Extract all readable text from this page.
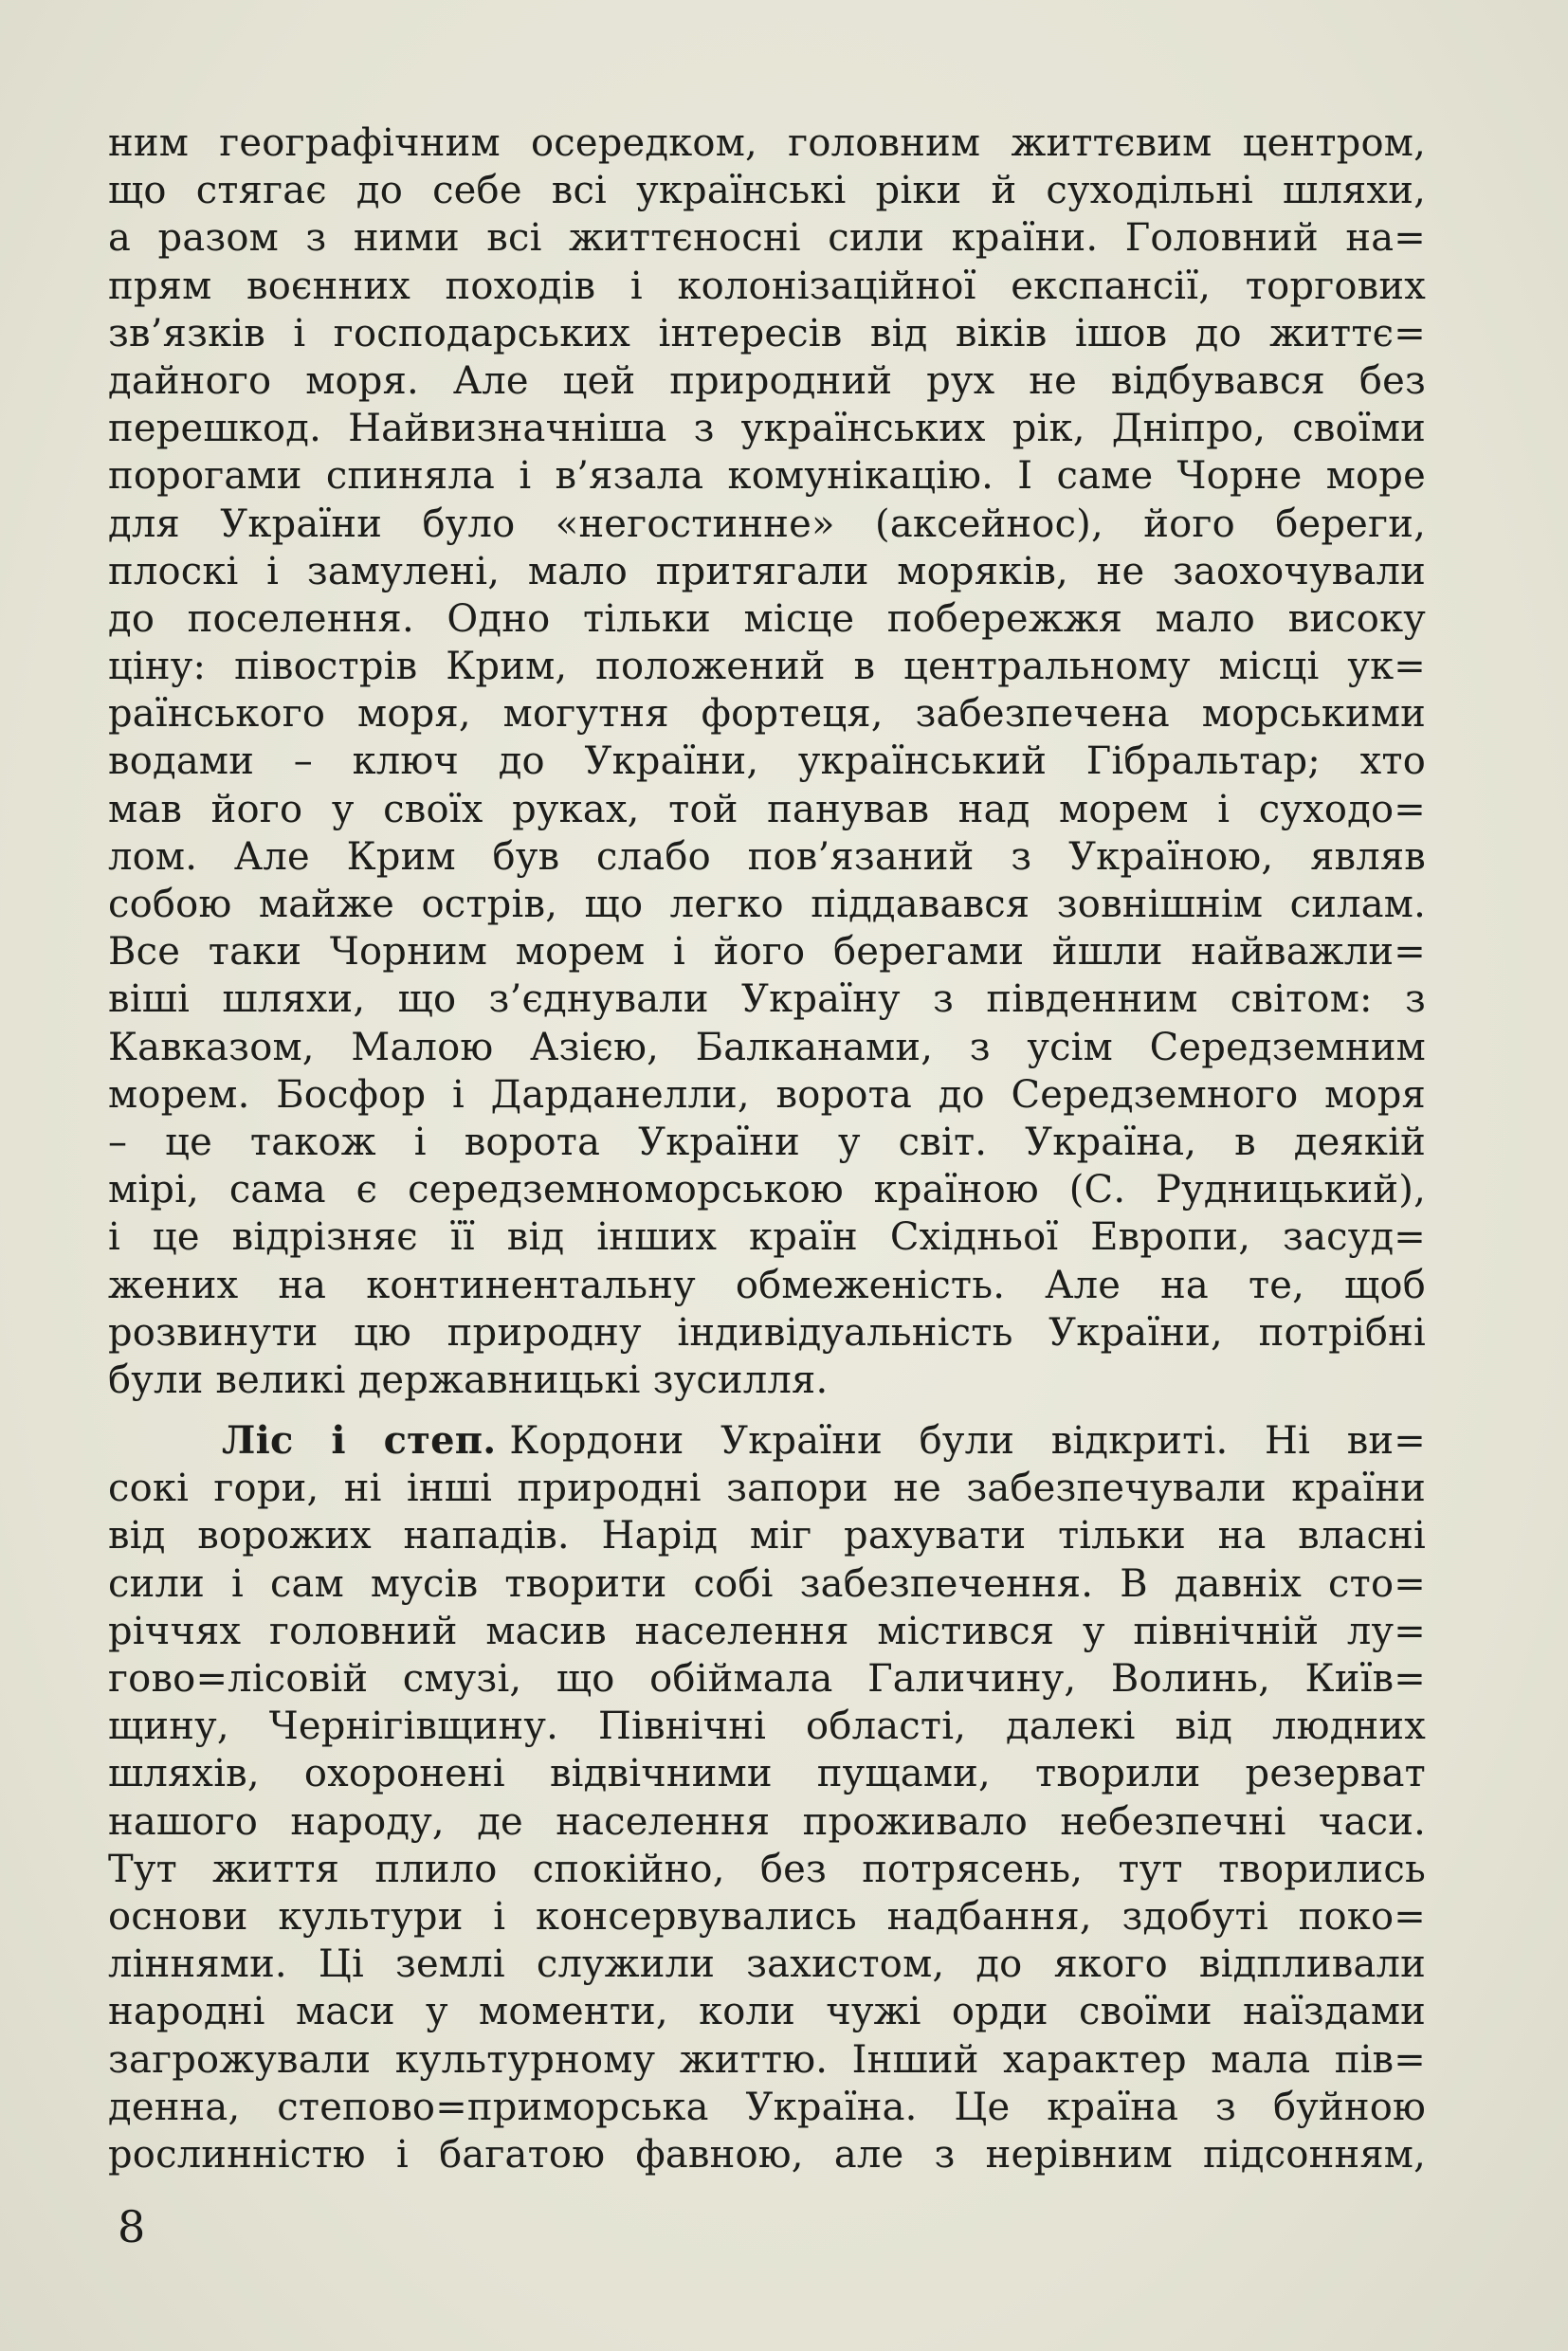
ним географічним осередком, головним життєвим центром,
що стягає до себе всі українські ріки й суходільні шляхи,
а разом з ними всі життєносні сили країни. Головний на=
прям воєнних походів і колонізаційної експансії, торгових
зв’язків і господарських інтересів від віків ішов до життє=
дайного моря. Але цей природний рух не відбувався без
перешкод. Найвизначніша з українських рік, Дніпро, своїми
порогами спиняла і в’язала комунікацію. І саме Чорне море
для України було «негостинне» (аксейнос), його береги,
плоскі і замулені, мало притягали моряків, не заохочували
до поселення. Одно тільки місце побережжя мало високу
ціну: півострів Крим, положений в центральному місці ук=
раїнського моря, могутня фортеця, забезпечена морськими
водами – ключ до України, український Гібральтар; хто
мав його у своїх руках, той панував над морем і суходо=
лом. Але Крим був слабо пов’язаний з Україною, являв
собою майже острів, що легко піддавався зовнішнім силам.
Все таки Чорним морем і його берегами йшли найважли=
віші шляхи, що з’єднували Україну з південним світом: з
Кавказом, Малою Азією, Балканами, з усім Середземним
морем. Босфор і Дарданелли, ворота до Середземного моря
– це також і ворота України у світ. Україна, в деякій
мірі, сама є середземноморською країною (С. Рудницький),
і це відрізняє її від інших країн Східньої Европи, засуд=
жених на континентальну обмеженість. Але на те, щоб
розвинути цю природну індивідуальність України, потрібні
були великі державницькі зусилля.
Ліс і степ. Кордони України були відкриті. Ні ви=
сокі гори, ні інші природні запори не забезпечували країни
від ворожих нападів. Нарід міг рахувати тільки на власні
сили і сам мусів творити собі забезпечення. В давніх сто=
річчях головний масив населення містився у північній лу=
гово=лісовій смузі, що обіймала Галичину, Волинь, Київ=
щину, Чернігівщину. Північні області, далекі від людних
шляхів, охоронені відвічними пущами, творили резерват
нашого народу, де населення проживало небезпечні часи.
Тут життя плило спокійно, без потрясень, тут творились
основи культури і консервувались надбання, здобуті поко=
ліннями. Ці землі служили захистом, до якого відпливали
народні маси у моменти, коли чужі орди своїми наїздами
загрожували культурному життю. Інший характер мала пів=
денна, степово=приморська Україна. Це країна з буйною
рослинністю і багатою фавною, але з нерівним підсонням,
8
